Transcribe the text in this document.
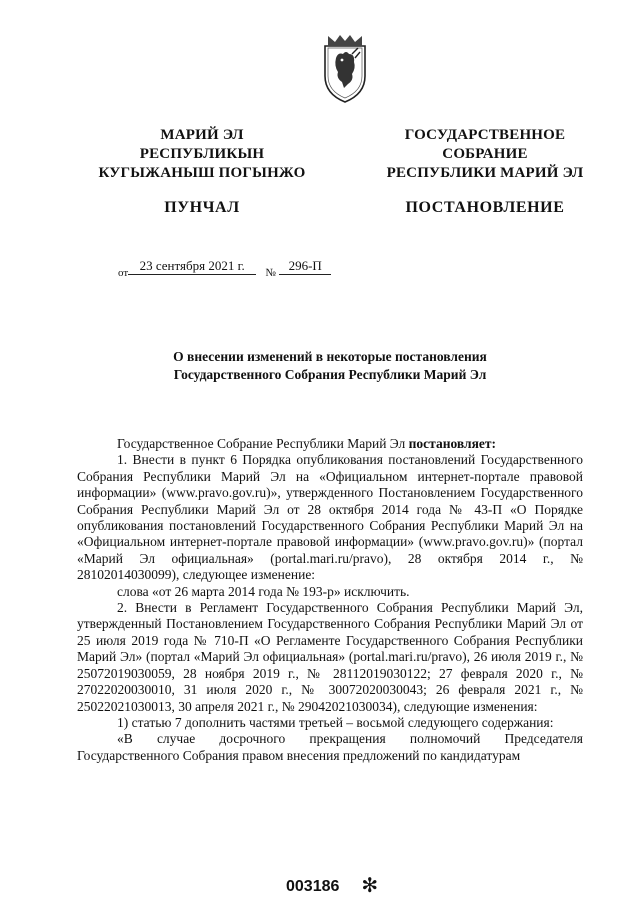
МАРИЙ ЭЛ
РЕСПУБЛИКЫН
КУГЫЖАНЫШ ПОГЫНЖО
ГОСУДАРСТВЕННОЕ
СОБРАНИЕ
РЕСПУБЛИКИ МАРИЙ ЭЛ
ПУНЧАЛ	ПОСТАНОВЛЕНИЕ
$_{от}$ 23 сентября 2021 г. $_№$ 296-П
О внесении изменений в некоторые постановления
Государственного Собрания Республики Марий Эл

Государственное Собрание Республики Марий Эл постановляет:

1. Внести в пункт 6 Порядка опубликования постановлений Государственного Собрания Республики Марий Эл на «Официальном интернет-портале правовой информации» (www.pravo.gov.ru)», утвержденного Постановлением Государственного Собрания Республики Марий Эл от 28 октября 2014 года № 43-П «О Порядке опубликования постановлений Государственного Собрания Республики Марий Эл на «Официальном интернет-портале правовой информации» (www.pravo.gov.ru)» (портал «Марий Эл официальная» (portal.mari.ru/pravo), 28 октября 2014 г., № 28102014030099), следующее изменение:

слова «от 26 марта 2014 года № 193-р» исключить.

2. Внести в Регламент Государственного Собрания Республики Марий Эл, утвержденный Постановлением Государственного Собрания Республики Марий Эл от 25 июля 2019 года № 710-П «О Регламенте Государственного Собрания Республики Марий Эл» (портал «Марий Эл официальная» (portal.mari.ru/pravo), 26 июля 2019 г., № 25072019030059, 28 ноября 2019 г., № 28112019030122; 27 февраля 2020 г., № 27022020030010, 31 июля 2020 г., № 30072020030043; 26 февраля 2021 г., № 25022021030013, 30 апреля 2021 г., № 29042021030034), следующие изменения:

1) статью 7 дополнить частями третьей – восьмой следующего содержания:

«В случае досрочного прекращения полномочий Председателя Государственного Собрания правом внесения предложений по кандидатурам

003186 ✻
